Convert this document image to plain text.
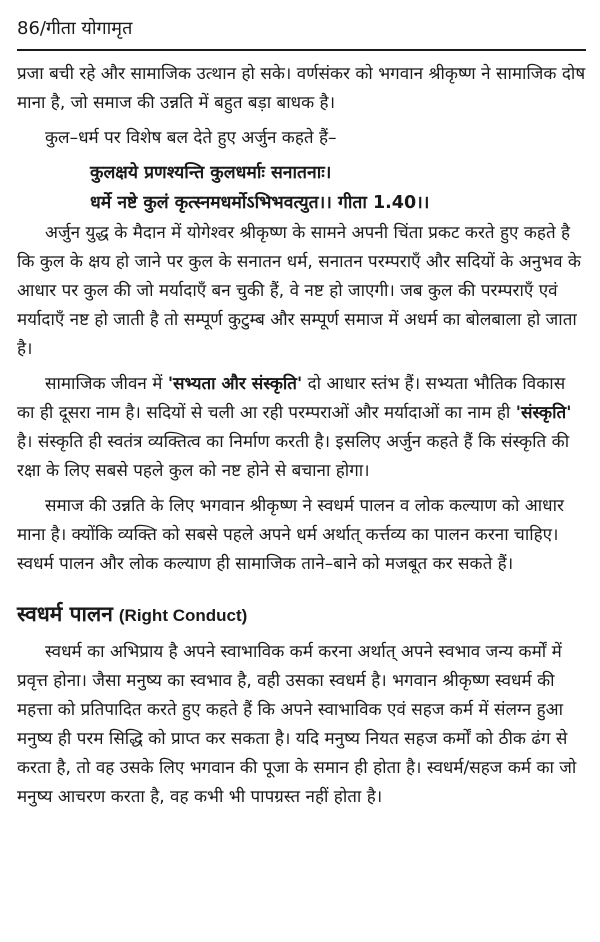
86/गीता योगामृत

प्रजा बची रहे और सामाजिक उत्थान हो सके। वर्णसंकर को भगवान श्रीकृष्ण ने सामाजिक दोष माना है, जो समाज की उन्नति में बहुत बड़ा बाधक है।

कुल–धर्म पर विशेष बल देते हुए अर्जुन कहते हैं–

कुलक्षये प्रणश्यन्ति कुलधर्माः सनातनाः।
धर्मे नष्टे कुलं कृत्स्नमधर्मोऽभिभवत्युत।। गीता 1.40।।

अर्जुन युद्ध के मैदान में योगेश्वर श्रीकृष्ण के सामने अपनी चिंता प्रकट करते हुए कहते है कि कुल के क्षय हो जाने पर कुल के सनातन धर्म, सनातन परम्पराएँ और सदियों के अनुभव के आधार पर कुल की जो मर्यादाएँ बन चुकी हैं, वे नष्ट हो जाएगी। जब कुल की परम्पराएँ एवं मर्यादाएँ नष्ट हो जाती है तो सम्पूर्ण कुटुम्ब और सम्पूर्ण समाज में अधर्म का बोलबाला हो जाता है।

सामाजिक जीवन में 'सभ्यता और संस्कृति' दो आधार स्तंभ हैं। सभ्यता भौतिक विकास का ही दूसरा नाम है। सदियों से चली आ रही परम्पराओं और मर्यादाओं का नाम ही 'संस्कृति' है। संस्कृति ही स्वतंत्र व्यक्तित्व का निर्माण करती है। इसलिए अर्जुन कहते हैं कि संस्कृति की रक्षा के लिए सबसे पहले कुल को नष्ट होने से बचाना होगा।

समाज की उन्नति के लिए भगवान श्रीकृष्ण ने स्वधर्म पालन व लोक कल्याण को आधार माना है। क्योंकि व्यक्ति को सबसे पहले अपने धर्म अर्थात् कर्त्तव्य का पालन करना चाहिए। स्वधर्म पालन और लोक कल्याण ही सामाजिक ताने–बाने को मजबूत कर सकते हैं।

स्वधर्म पालन (Right Conduct)

स्वधर्म का अभिप्राय है अपने स्वाभाविक कर्म करना अर्थात् अपने स्वभाव जन्य कर्मों में प्रवृत्त होना। जैसा मनुष्य का स्वभाव है, वही उसका स्वधर्म है। भगवान श्रीकृष्ण स्वधर्म की महत्ता को प्रतिपादित करते हुए कहते हैं कि अपने स्वाभाविक एवं सहज कर्म में संलग्न हुआ मनुष्य ही परम सिद्धि को प्राप्त कर सकता है। यदि मनुष्य नियत सहज कर्मों को ठीक ढंग से करता है, तो वह उसके लिए भगवान की पूजा के समान ही होता है। स्वधर्म/सहज कर्म का जो मनुष्य आचरण करता है, वह कभी भी पापग्रस्त नहीं होता है।
